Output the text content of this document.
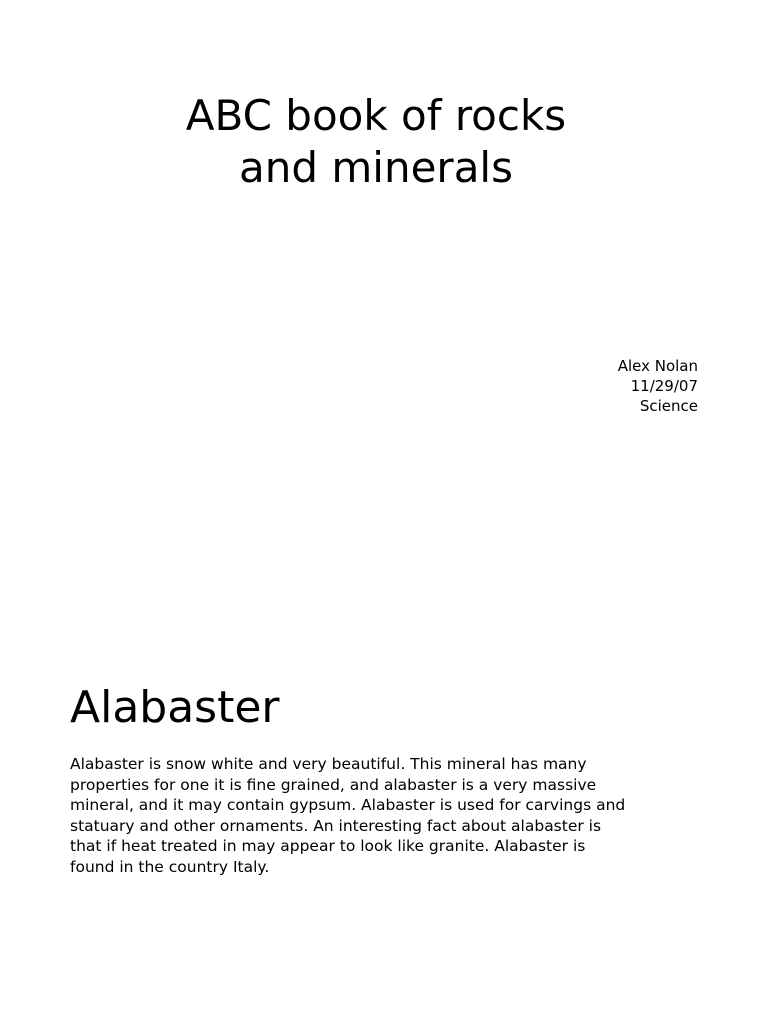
ABC book of rocks
and minerals
Alex Nolan
11/29/07
Science
Alabaster

Alabaster is snow white and very beautiful. This mineral has many
properties for one it is fine grained, and alabaster is a very massive
mineral, and it may contain gypsum. Alabaster is used for carvings and
statuary and other ornaments. An interesting fact about alabaster is
that if heat treated in may appear to look like granite. Alabaster is
found in the country Italy.
